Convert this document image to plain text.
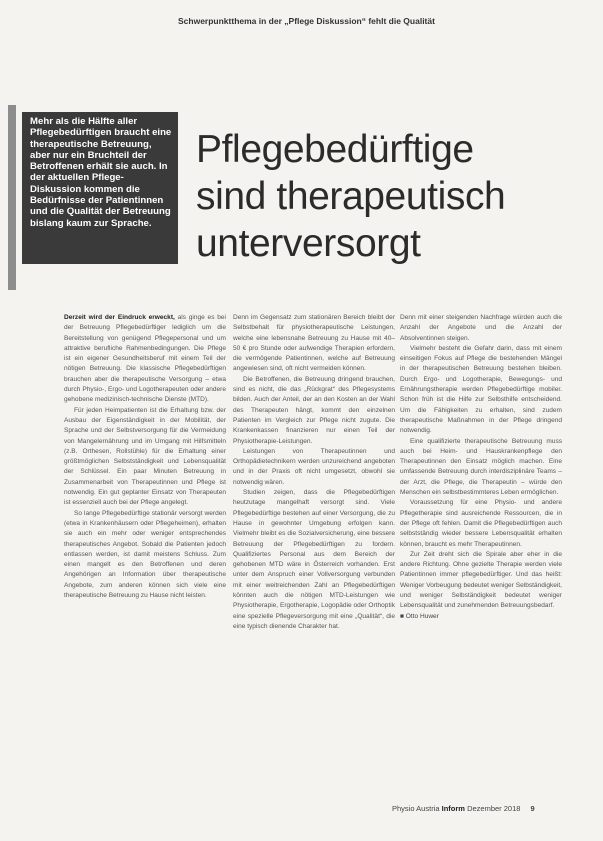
Schwerpunktthema in der „Pflege Diskussion“ fehlt die Qualität
Mehr als die Hälfte aller Pflegebedürftigen braucht eine therapeutische Betreuung, aber nur ein Bruchteil der Betroffenen erhält sie auch. In der aktuellen Pflege-Diskussion kommen die Bedürfnisse der Patientinnen und die Qualität der Betreuung bislang kaum zur Sprache.
Pflegebedürftige
sind therapeutisch
unterversorgt

Derzeit wird der Eindruck erweckt, als ginge es bei der Betreuung Pflegebedürftiger lediglich um die Bereitstellung von genügend Pflegepersonal und um attraktive berufliche Rahmenbedingungen. Die Pflege ist ein eigener Gesundheitsberuf mit einem Teil der nötigen Betreuung. Die klassische Pflegebedürftigen brauchen aber die therapeutische Versorgung – etwa durch Physio-, Ergo- und Logotherapeuten oder andere gehobene medizinisch-technische Dienste (MTD).

Für jeden Heimpatienten ist die Erhaltung bzw. der Ausbau der Eigenständigkeit in der Mobilität, der Sprache und der Selbstversorgung für die Vermeidung von Mangelernährung und im Umgang mit Hilfsmitteln (z.B. Orthesen, Rollstühle) für die Erhaltung einer größtmöglichen Selbstständigkeit und Lebensqualität der Schlüssel. Ein paar Minuten Betreuung in Zusammenarbeit von Therapeutinnen und Pflege ist notwendig. Ein gut geplanter Einsatz von Therapeuten ist essenziell auch bei der Pflege angelegt.

So lange Pflegebedürftige stationär versorgt werden (etwa in Krankenhäusern oder Pflegeheimen), erhalten sie auch ein mehr oder weniger entsprechendes therapeutisches Angebot. Sobald die Patienten jedoch entlassen werden, ist damit meistens Schluss. Zum einen mangelt es den Betroffenen und deren Angehörigen an Information über therapeutische Angebote, zum anderen können sich viele eine therapeutische Betreuung zu Hause nicht leisten.

Denn im Gegensatz zum stationären Bereich bleibt der Selbstbehalt für physiotherapeutische Leistungen, welche eine lebensnahe Betreuung zu Hause mit 40–50 € pro Stunde oder aufwendige Therapien erfordern, die vermögende Patientinnen, welche auf Betreuung angewiesen sind, oft nicht vermeiden können.

Die Betroffenen, die Betreuung dringend brauchen, sind es nicht, die das „Rückgrat“ des Pflegesystems bilden. Auch der Anteil, der an den Kosten an der Wahl des Therapeuten hängt, kommt den einzelnen Patienten im Vergleich zur Pflege nicht zugute. Die Krankenkassen finanzieren nur einen Teil der Physiotherapie-Leistungen.

Leistungen von Therapeutinnen und Orthopädietechnikern werden unzureichend angeboten und in der Praxis oft nicht umgesetzt, obwohl sie notwendig wären.

Studien zeigen, dass die Pflegebedürftigen heutzutage mangelhaft versorgt sind. Viele Pflegebedürftige bestehen auf einer Versorgung, die zu Hause in gewohnter Umgebung erfolgen kann. Vielmehr bleibt es die Sozialversicherung, eine bessere Betreuung der Pflegebedürftigen zu fordern. Qualifiziertes Personal aus dem Bereich der gehobenen MTD wäre in Österreich vorhanden. Erst unter dem Anspruch einer Vollversorgung verbunden mit einer weitreichenden Zahl an Pflegebedürftigen könnten auch die nötigen MTD-Leistungen wie Physiotherapie, Ergotherapie, Logopädie oder Orthoptik eine spezielle Pflegeversorgung mit eine „Qualität“, die eine typisch dienende Charakter hat.

Denn mit einer steigenden Nachfrage würden auch die Anzahl der Angebote und die Anzahl der Absolventinnen steigen.

Vielmehr besteht die Gefahr darin, dass mit einem einseitigen Fokus auf Pflege die bestehenden Mängel in der therapeutischen Betreuung bestehen bleiben. Durch Ergo- und Logotherapie, Bewegungs- und Ernährungstherapie werden Pflegebedürftige mobiler. Schon früh ist die Hilfe zur Selbsthilfe entscheidend. Um die Fähigkeiten zu erhalten, sind zudem therapeutische Maßnahmen in der Pflege dringend notwendig.

Eine qualifizierte therapeutische Betreuung muss auch bei Heim- und Hauskrankenpflege den Therapeutinnen den Einsatz möglich machen. Eine umfassende Betreuung durch interdisziplinäre Teams – der Arzt, die Pflege, die Therapeutin – würde den Menschen ein selbstbestimmteres Leben ermöglichen.

Voraussetzung für eine Physio- und andere Pflegetherapie sind ausreichende Ressourcen, die in der Pflege oft fehlen. Damit die Pflegebedürftigen auch selbstständig wieder bessere Lebensqualität erhalten können, braucht es mehr Therapeutinnen.

Zur Zeit dreht sich die Spirale aber eher in die andere Richtung. Ohne gezielte Therapie werden viele Patientinnen immer pflegebedürftiger. Und das heißt: Weniger Vorbeugung bedeutet weniger Selbständigkeit, und weniger Selbständigkeit bedeutet weniger Lebensqualität und zunehmenden Betreuungsbedarf.

■ Otto Huwer

Physio Austria Inform Dezember 2018 9
